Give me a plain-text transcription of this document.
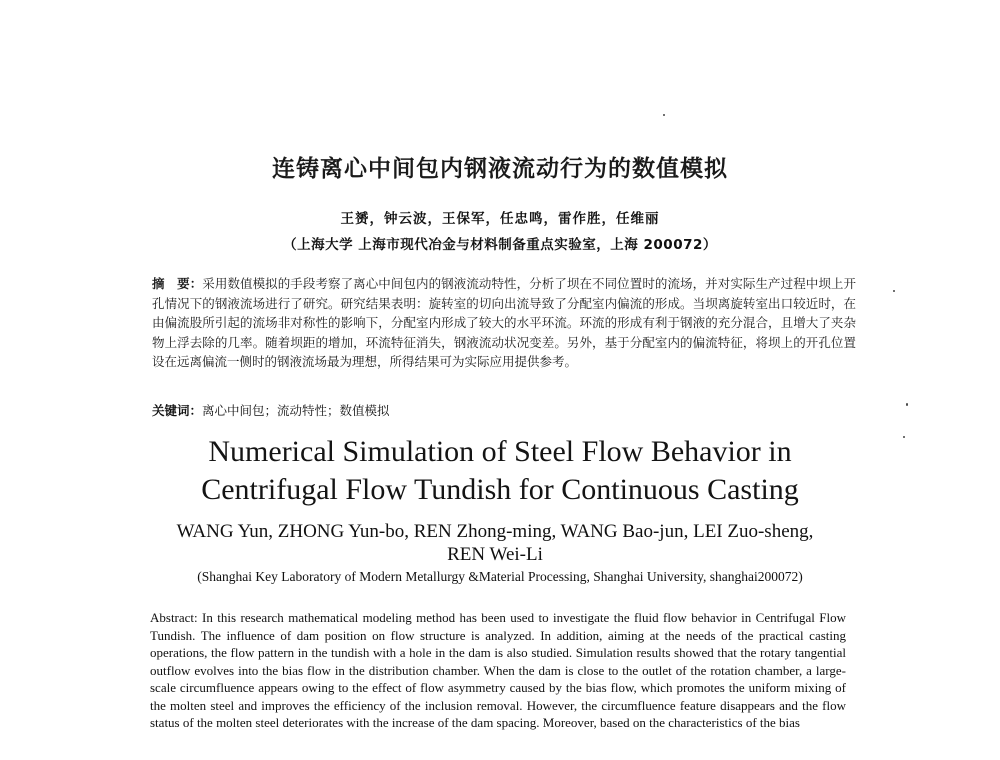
连铸离心中间包内钢液流动行为的数值模拟
王赟，钟云波，王保军，任忠鸣，雷作胜，任维丽
（上海大学 上海市现代冶金与材料制备重点实验室，上海 200072）
摘　要：采用数值模拟的手段考察了离心中间包内的钢液流动特性，分析了坝在不同位置时的流场，并对实际生产过程中坝上开孔情况下的钢液流场进行了研究。研究结果表明：旋转室的切向出流导致了分配室内偏流的形成。当坝离旋转室出口较近时，在由偏流股所引起的流场非对称性的影响下，分配室内形成了较大的水平环流。环流的形成有利于钢液的充分混合，且增大了夹杂物上浮去除的几率。随着坝距的增加，环流特征消失，钢液流动状况变差。另外，基于分配室内的偏流特征，将坝上的开孔位置设在远离偏流一侧时的钢液流场最为理想，所得结果可为实际应用提供参考。
关键词：离心中间包；流动特性；数值模拟
Numerical Simulation of Steel Flow Behavior in
Centrifugal Flow Tundish for Continuous Casting
WANG Yun, ZHONG Yun-bo, REN Zhong-ming, WANG Bao-jun, LEI Zuo-sheng,
REN Wei-Li
(Shanghai Key Laboratory of Modern Metallurgy &Material Processing, Shanghai University, shanghai200072)
Abstract: In this research mathematical modeling method has been used to investigate the fluid flow behavior in Centrifugal Flow Tundish. The influence of dam position on flow structure is analyzed. In addition, aiming at the needs of the practical casting operations, the flow pattern in the tundish with a hole in the dam is also studied. Simulation results showed that the rotary tangential outflow evolves into the bias flow in the distribution chamber. When the dam is close to the outlet of the rotation chamber, a large-scale circumfluence appears owing to the effect of flow asymmetry caused by the bias flow, which promotes the uniform mixing of the molten steel and improves the efficiency of the inclusion removal. However, the circumfluence feature disappears and the flow status of the molten steel deteriorates with the increase of the dam spacing. Moreover, based on the characteristics of the bias
